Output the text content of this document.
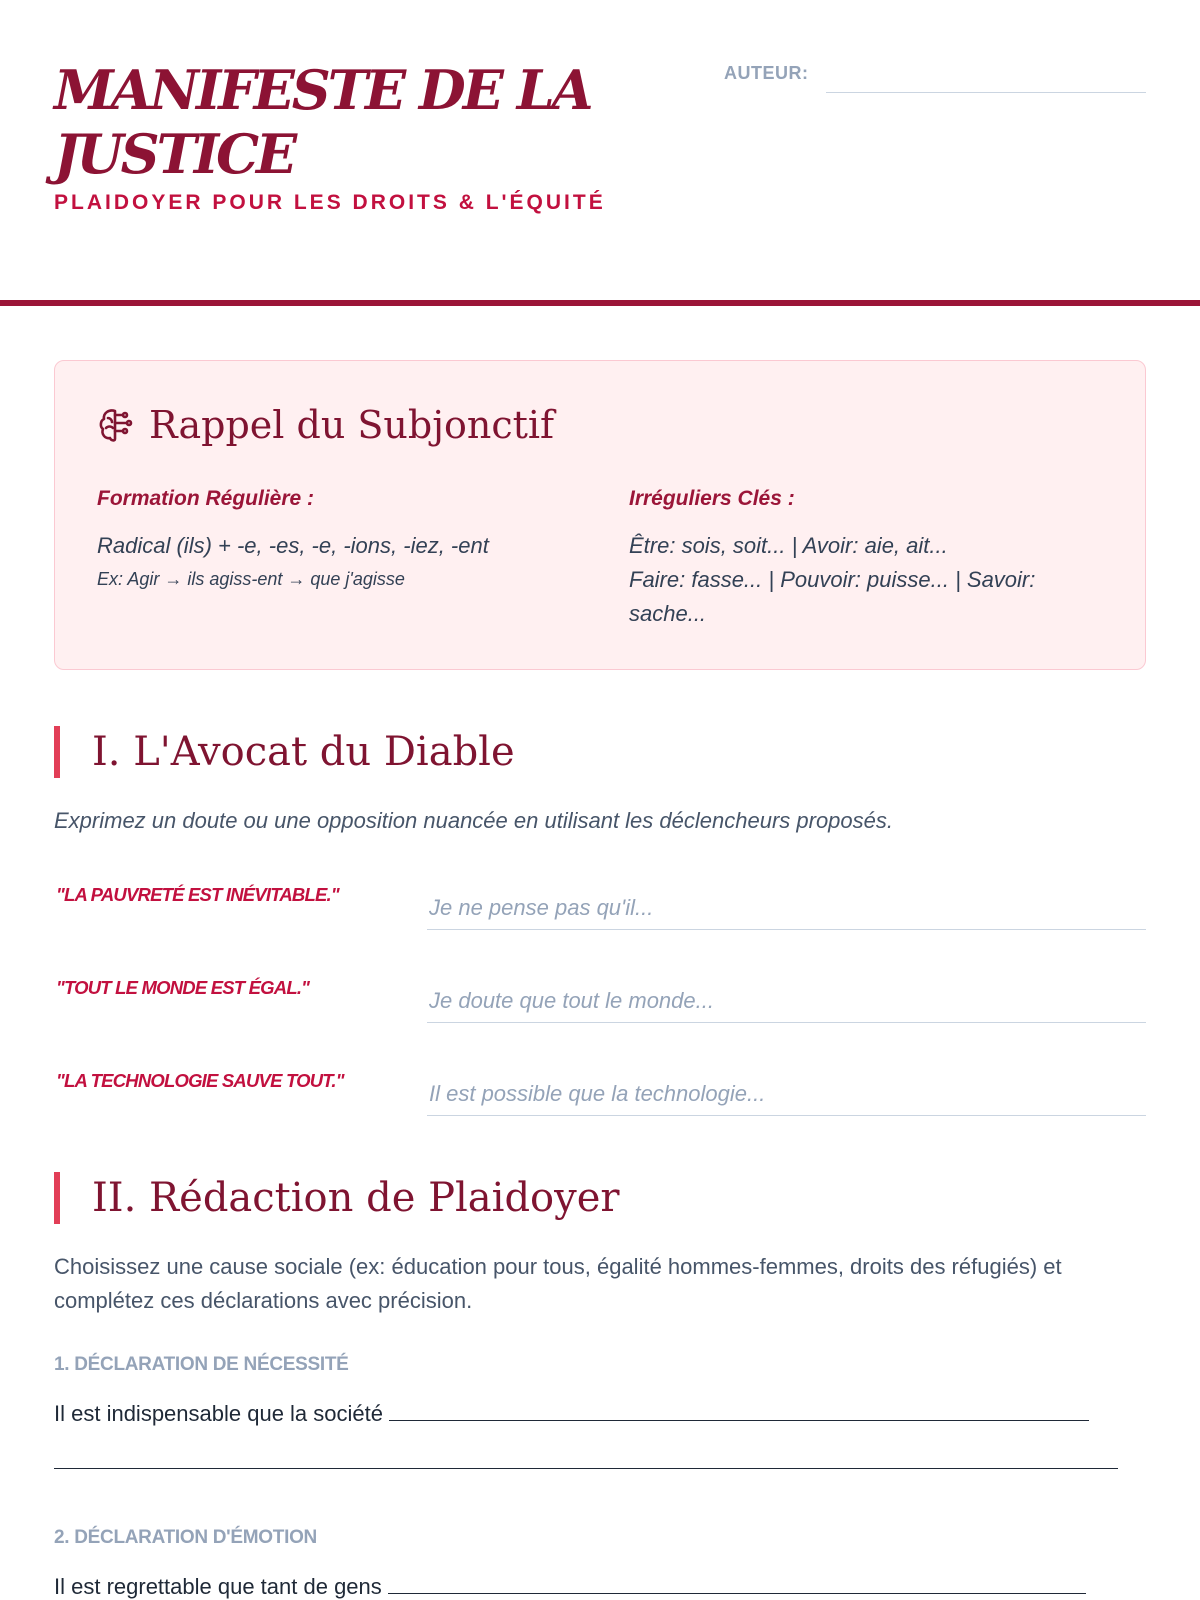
MANIFESTE DE LA JUSTICE

PLAIDOYER POUR LES DROITS & L'ÉQUITÉ

AUTEUR:
Rappel du Subjonctif

Formation Régulière :

Radical (ils) + -e, -es, -e, -ions, -iez, -ent

Ex: Agir → ils agiss-ent → que j'agisse

Irréguliers Clés :

Être: sois, soit... | Avoir: aie, ait...

Faire: fasse... | Pouvoir: puisse... | Savoir: sache...

I. L'Avocat du Diable

Exprimez un doute ou une opposition nuancée en utilisant les déclencheurs proposés.

"LA PAUVRETÉ EST INÉVITABLE."

Je ne pense pas qu'il...

"TOUT LE MONDE EST ÉGAL."

Je doute que tout le monde...

"LA TECHNOLOGIE SAUVE TOUT."

Il est possible que la technologie...
II. Rédaction de Plaidoyer

Choisissez une cause sociale (ex: éducation pour tous, égalité hommes-femmes, droits des réfugiés) et complétez ces déclarations avec précision.

1. DÉCLARATION DE NÉCESSITÉ

Il est indispensable que la société

2. DÉCLARATION D'ÉMOTION

Il est regrettable que tant de gens
